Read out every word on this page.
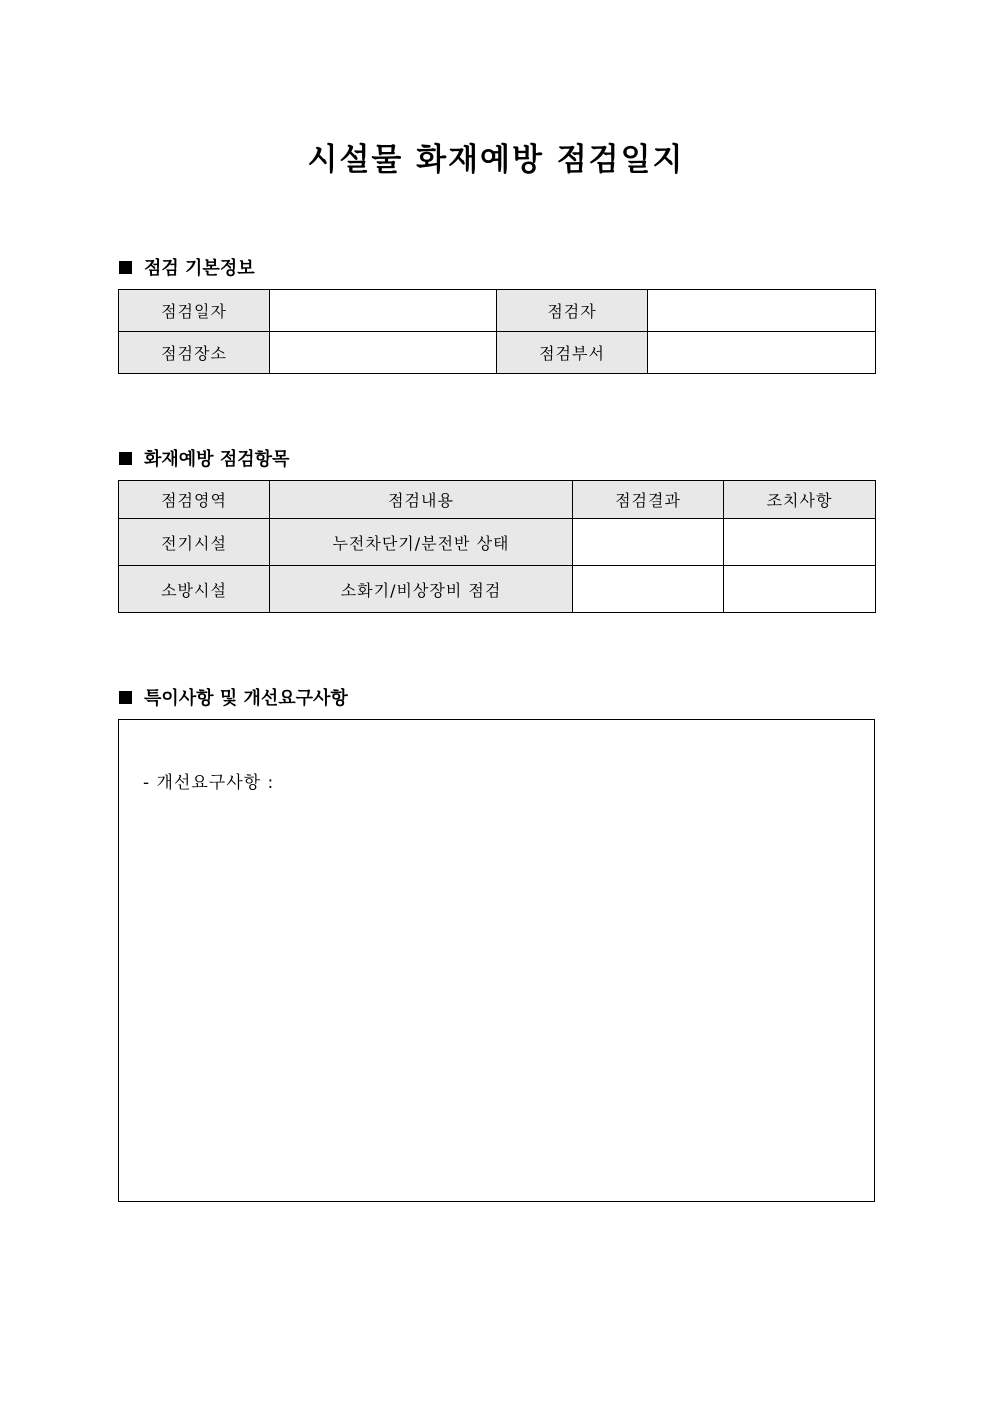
시설물 화재예방 점검일지
점검 기본정보
점검일자		점검자	
점검장소		점검부서	
화재예방 점검항목
점검영역	점검내용	점검결과	조치사항
전기시설	누전차단기/분전반 상태		
소방시설	소화기/비상장비 점검		
특이사항 및 개선요구사항
- 개선요구사항 :
